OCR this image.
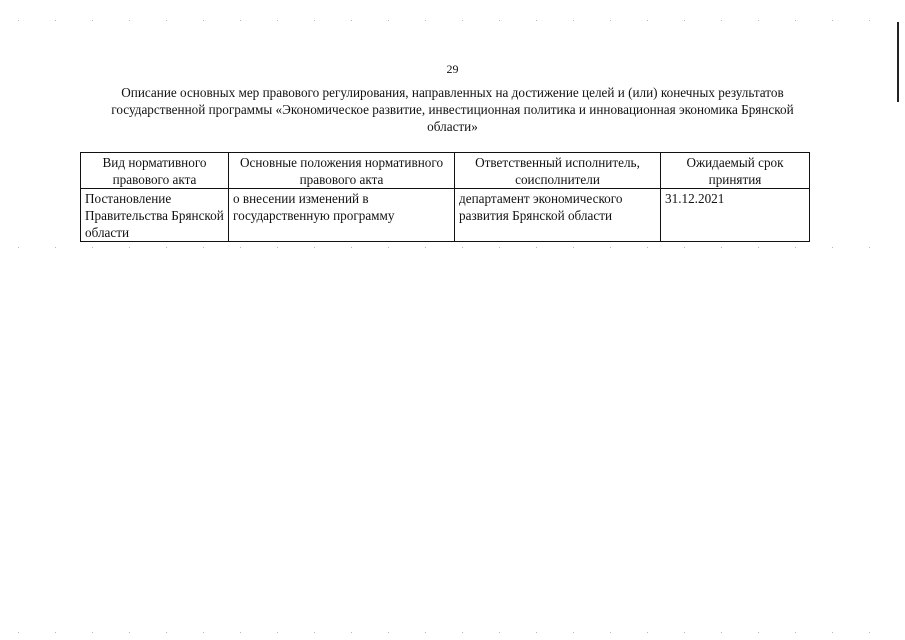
29
Описание основных мер правового регулирования, направленных на достижение целей и (или) конечных результатов государственной программы «Экономическое развитие, инвестиционная политика и инновационная экономика Брянской области»
Вид нормативного правового акта	Основные положения нормативного правового акта	Ответственный исполнитель, соисполнители	Ожидаемый срок принятия
Постановление Правительства Брянской области	о внесении изменений в государственную программу	департамент экономического развития Брянской области	31.12.2021
